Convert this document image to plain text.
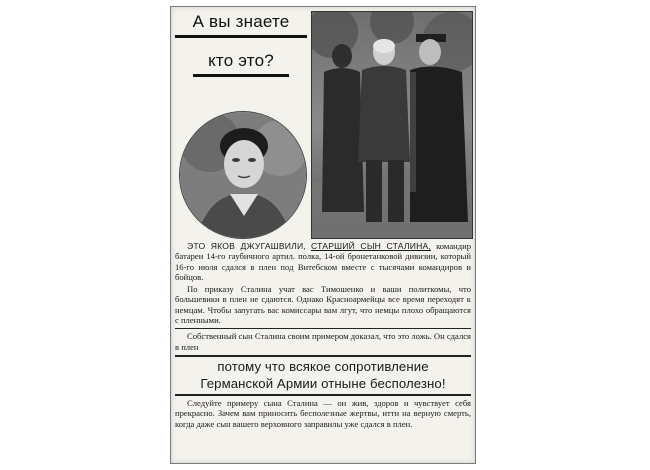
А вы знаете
кто это?

ЭТО ЯКОВ ДЖУГАШВИЛИ, СТАРШИЙ СЫН СТАЛИНА, командир батареи 14-го гаубичного артил. полка, 14-ой бронетанковой дивизии, который 16-го июля сдался в плен под Витебском вместе с тысячами командиров и бойцов.

По приказу Сталина учат вас Тимошенко и ваши политкомы, что большевики в плен не сдаются. Однако Красноармейцы все время переходят к немцам. Чтобы запугать вас комиссары вам лгут, что немцы плохо обращаются с пленными.

Собственный сын Сталина своим примером доказал, что это ложь. Он сдался в плен

потому что всякое сопротивление
Германской Армии отныне бесполезно!

Следуйте примеру сына Сталина — он жив, здоров и чувствует себя прекрасно. Зачем вам приносить бесполезные жертвы, итти на верную смерть, когда даже сын вашего верховного заправилы уже сдался в плен.
